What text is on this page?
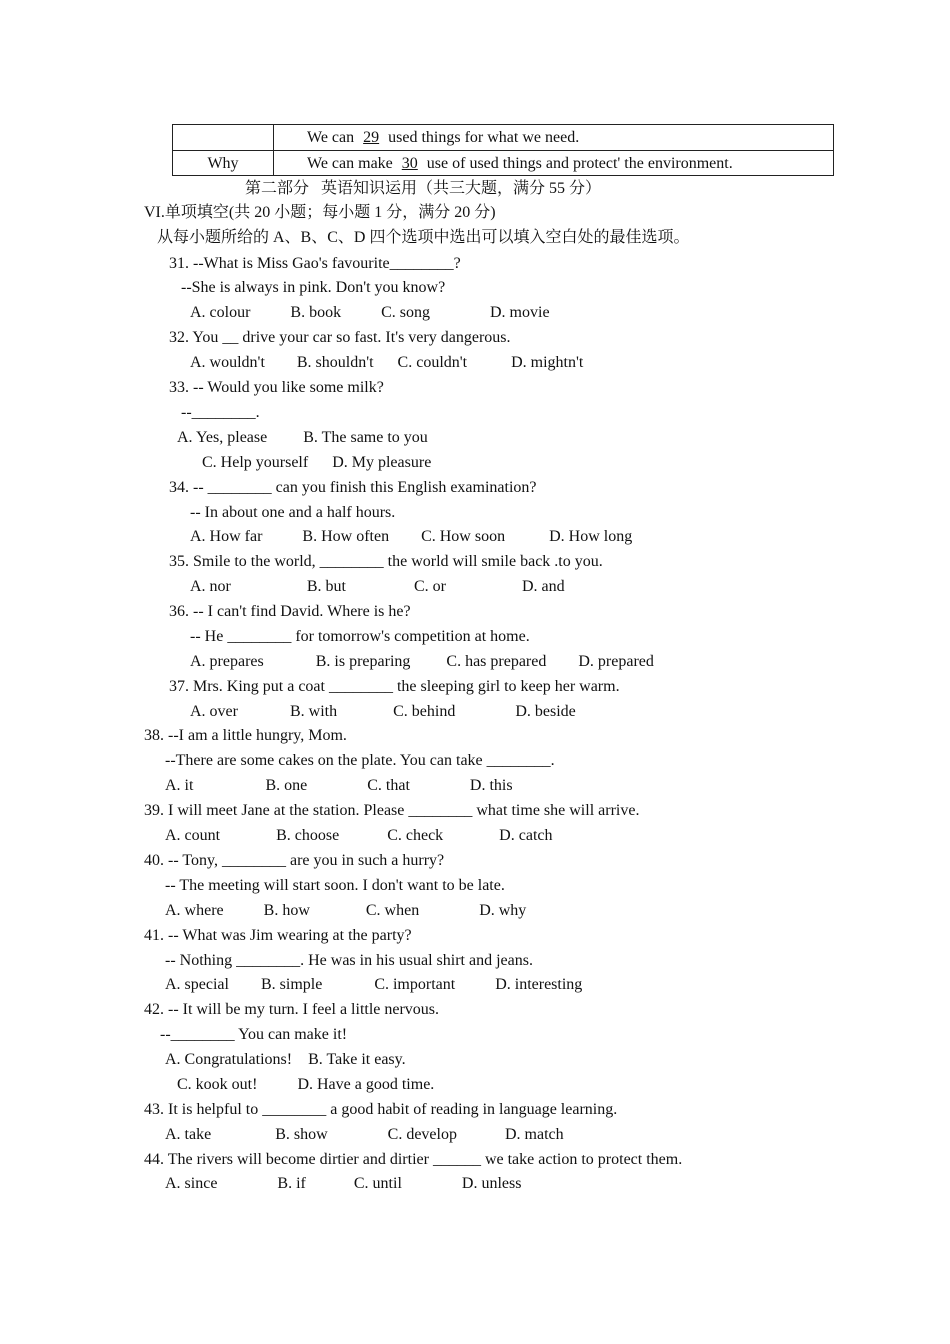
We can 29 used things for what we need.
Why	We can make 30 use of used things and protect' the environment.
第二部分   英语知识运用（共三大题，满分 55 分）
VI.单项填空(共 20 小题；每小题 1 分，满分 20 分)
从每小题所给的 A、B、C、D 四个选项中选出可以填入空白处的最佳选项。
31. --What is Miss Gao's favourite________?
--She is always in pink. Don't you know?
A. colour          B. book          C. song               D. movie
32. You __ drive your car so fast. It's very dangerous.
A. wouldn't        B. shouldn't      C. couldn't           D. mightn't
33. -- Would you like some milk?
--________.
A. Yes, please         B. The same to you
C. Help yourself      D. My pleasure
34. -- ________ can you finish this English examination?
-- In about one and a half hours.
A. How far          B. How often        C. How soon           D. How long
35. Smile to the world, ________ the world will smile back .to you.
A. nor                   B. but                 C. or                   D. and
36. -- I can't find David. Where is he?
-- He ________ for tomorrow's competition at home.
A. prepares             B. is preparing         C. has prepared        D. prepared
37. Mrs. King put a coat ________ the sleeping girl to keep her warm.
A. over             B. with              C. behind               D. beside
38. --I am a little hungry, Mom.
--There are some cakes on the plate. You can take ________.
A. it                  B. one               C. that               D. this
39. I will meet Jane at the station. Please ________ what time she will arrive.
A. count              B. choose            C. check              D. catch
40. -- Tony, ________ are you in such a hurry?
-- The meeting will start soon. I don't want to be late.
A. where          B. how              C. when               D. why
41. -- What was Jim wearing at the party?
-- Nothing ________. He was in his usual shirt and jeans.
A. special        B. simple             C. important          D. interesting
42. -- It will be my turn. I feel a little nervous.
--________ You can make it!
A. Congratulations!    B. Take it easy.
C. kook out!          D. Have a good time.
43. It is helpful to ________ a good habit of reading in language learning.
A. take                B. show               C. develop            D. match
44. The rivers will become dirtier and dirtier ______ we take action to protect them.
A. since               B. if            C. until               D. unless
